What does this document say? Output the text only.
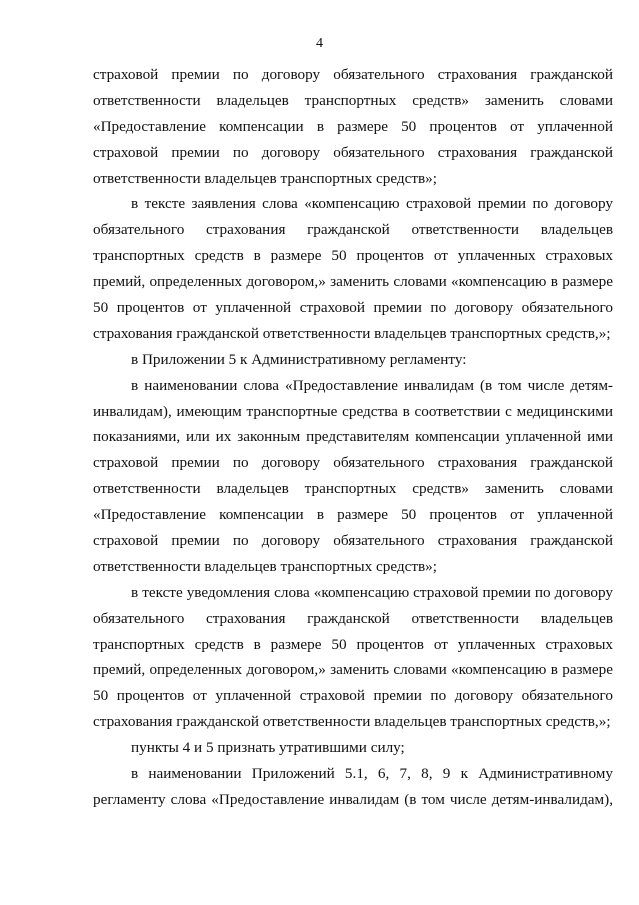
4
страховой премии по договору обязательного страхования гражданской
ответственности владельцев транспортных средств» заменить словами
«Предоставление компенсации в размере 50 процентов от уплаченной
страховой премии по договору обязательного страхования гражданской
ответственности владельцев транспортных средств»;
в тексте заявления слова «компенсацию страховой премии по договору
обязательного страхования гражданской ответственности владельцев
транспортных средств в размере 50 процентов от уплаченных страховых
премий, определенных договором,» заменить словами «компенсацию в размере
50 процентов от уплаченной страховой премии по договору обязательного
страхования гражданской ответственности владельцев транспортных средств,»;
в Приложении 5 к Административному регламенту:
в наименовании слова «Предоставление инвалидам (в том числе детям-
инвалидам), имеющим транспортные средства в соответствии с медицинскими
показаниями, или их законным представителям компенсации уплаченной ими
страховой премии по договору обязательного страхования гражданской
ответственности владельцев транспортных средств» заменить словами
«Предоставление компенсации в размере 50 процентов от уплаченной
страховой премии по договору обязательного страхования гражданской
ответственности владельцев транспортных средств»;
в тексте уведомления слова «компенсацию страховой премии по договору
обязательного страхования гражданской ответственности владельцев
транспортных средств в размере 50 процентов от уплаченных страховых
премий, определенных договором,» заменить словами «компенсацию в размере
50 процентов от уплаченной страховой премии по договору обязательного
страхования гражданской ответственности владельцев транспортных средств,»;
пункты 4 и 5 признать утратившими силу;
в наименовании Приложений 5.1, 6, 7, 8, 9 к Административному
регламенту слова «Предоставление инвалидам (в том числе детям-инвалидам),
